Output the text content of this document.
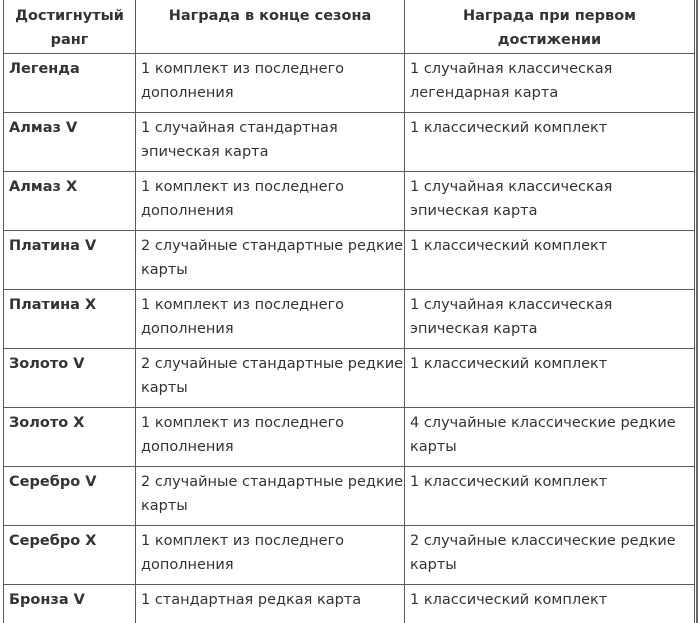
Достигнутый ранг	Награда в конце сезона	Награда при первом достижении
Легенда	1 комплект из последнего дополнения	1 случайная классическая легендарная карта
Алмаз V	1 случайная стандартная эпическая карта	1 классический комплект
Алмаз X	1 комплект из последнего дополнения	1 случайная классическая эпическая карта
Платина V	2 случайные стандартные редкие карты	1 классический комплект
Платина X	1 комплект из последнего дополнения	1 случайная классическая эпическая карта
Золото V	2 случайные стандартные редкие карты	1 классический комплект
Золото X	1 комплект из последнего дополнения	4 случайные классические редкие карты
Серебро V	2 случайные стандартные редкие карты	1 классический комплект
Серебро X	1 комплект из последнего дополнения	2 случайные классические редкие карты
Бронза V	1 стандартная редкая карта	1 классический комплект
